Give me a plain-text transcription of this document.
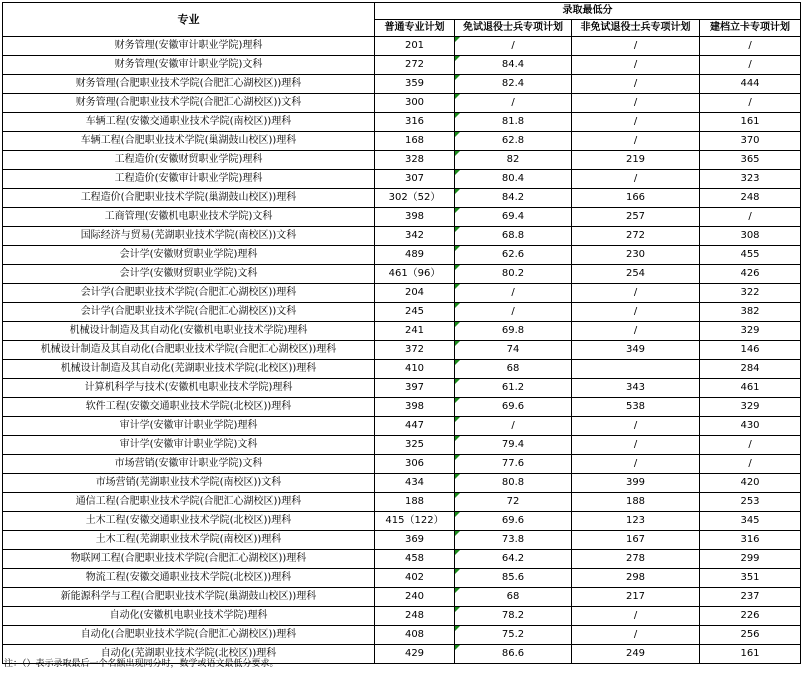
专业	录取最低分			
	普通专业计划	免试退役士兵专项计划	非免试退役士兵专项计划	建档立卡专项计划
财务管理(安徽审计职业学院)理科	201	/	/	/
财务管理(安徽审计职业学院)文科	272	84.4	/	/
财务管理(合肥职业技术学院(合肥汇心湖校区))理科	359	82.4	/	444
财务管理(合肥职业技术学院(合肥汇心湖校区))文科	300	/	/	/
车辆工程(安徽交通职业技术学院(南校区))理科	316	81.8	/	161
车辆工程(合肥职业技术学院(巢湖鼓山校区))理科	168	62.8	/	370
工程造价(安徽财贸职业学院)理科	328	82	219	365
工程造价(安徽审计职业学院)理科	307	80.4	/	323
工程造价(合肥职业技术学院(巢湖鼓山校区))理科	302（52）	84.2	166	248
工商管理(安徽机电职业技术学院)文科	398	69.4	257	/
国际经济与贸易(芜湖职业技术学院(南校区))文科	342	68.8	272	308
会计学(安徽财贸职业学院)理科	489	62.6	230	455
会计学(安徽财贸职业学院)文科	461（96）	80.2	254	426
会计学(合肥职业技术学院(合肥汇心湖校区))理科	204	/	/	322
会计学(合肥职业技术学院(合肥汇心湖校区))文科	245	/	/	382
机械设计制造及其自动化(安徽机电职业技术学院)理科	241	69.8	/	329
机械设计制造及其自动化(合肥职业技术学院(合肥汇心湖校区))理科	372	74	349	146
机械设计制造及其自动化(芜湖职业技术学院(北校区))理科	410	68		284
计算机科学与技术(安徽机电职业技术学院)理科	397	61.2	343	461
软件工程(安徽交通职业技术学院(北校区))理科	398	69.6	538	329
审计学(安徽审计职业学院)理科	447	/	/	430
审计学(安徽审计职业学院)文科	325	79.4	/	/
市场营销(安徽审计职业学院)文科	306	77.6	/	/
市场营销(芜湖职业技术学院(南校区))文科	434	80.8	399	420
通信工程(合肥职业技术学院(合肥汇心湖校区))理科	188	72	188	253
土木工程(安徽交通职业技术学院(北校区))理科	415（122）	69.6	123	345
土木工程(芜湖职业技术学院(南校区))理科	369	73.8	167	316
物联网工程(合肥职业技术学院(合肥汇心湖校区))理科	458	64.2	278	299
物流工程(安徽交通职业技术学院(北校区))理科	402	85.6	298	351
新能源科学与工程(合肥职业技术学院(巢湖鼓山校区))理科	240	68	217	237
自动化(安徽机电职业技术学院)理科	248	78.2	/	226
自动化(合肥职业技术学院(合肥汇心湖校区))理科	408	75.2	/	256
自动化(芜湖职业技术学院(北校区))理科	429	86.6	249	161
注：（）表示录取最后一个名额出现同分时，数学或语文最低分要求。
